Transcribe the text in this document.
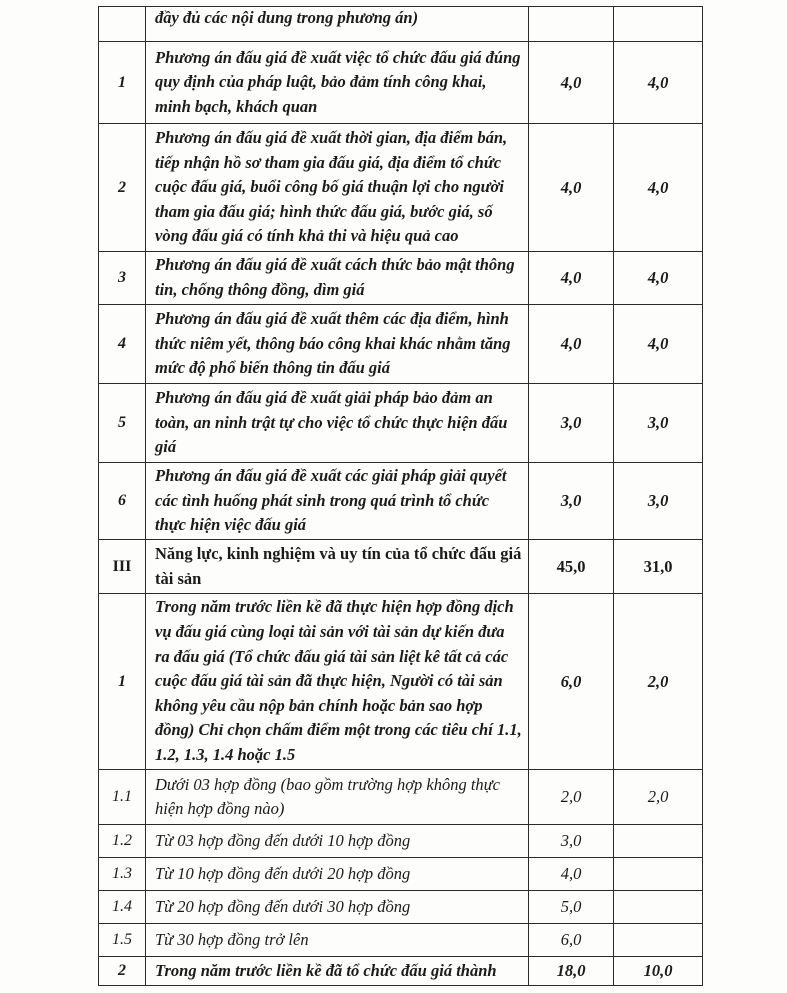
	đầy đủ các nội dung trong phương án)		
1	Phương án đấu giá đề xuất việc tổ chức đấu giá đúng quy định của pháp luật, bảo đảm tính công khai, minh bạch, khách quan	4,0	4,0
2	Phương án đấu giá đề xuất thời gian, địa điểm bán, tiếp nhận hồ sơ tham gia đấu giá, địa điểm tổ chức cuộc đấu giá, buổi công bố giá thuận lợi cho người tham gia đấu giá; hình thức đấu giá, bước giá, số vòng đấu giá có tính khả thi và hiệu quả cao	4,0	4,0
3	Phương án đấu giá đề xuất cách thức bảo mật thông tin, chống thông đồng, dìm giá	4,0	4,0
4	Phương án đấu giá đề xuất thêm các địa điểm, hình thức niêm yết, thông báo công khai khác nhằm tăng mức độ phổ biến thông tin đấu giá	4,0	4,0
5	Phương án đấu giá đề xuất giải pháp bảo đảm an toàn, an ninh trật tự cho việc tổ chức thực hiện đấu giá	3,0	3,0
6	Phương án đấu giá đề xuất các giải pháp giải quyết các tình huống phát sinh trong quá trình tổ chức thực hiện việc đấu giá	3,0	3,0
III	Năng lực, kinh nghiệm và uy tín của tổ chức đấu giá tài sản	45,0	31,0
1	Trong năm trước liền kề đã thực hiện hợp đồng dịch vụ đấu giá cùng loại tài sản với tài sản dự kiến đưa ra đấu giá (Tổ chức đấu giá tài sản liệt kê tất cả các cuộc đấu giá tài sản đã thực hiện, Người có tài sản không yêu cầu nộp bản chính hoặc bản sao hợp đồng) Chỉ chọn chấm điểm một trong các tiêu chí 1.1, 1.2, 1.3, 1.4 hoặc 1.5	6,0	2,0
1.1	Dưới 03 hợp đồng (bao gồm trường hợp không thực hiện hợp đồng nào)	2,0	2,0
1.2	Từ 03 hợp đồng đến dưới 10 hợp đồng	3,0	
1.3	Từ 10 hợp đồng đến dưới 20 hợp đồng	4,0	
1.4	Từ 20 hợp đồng đến dưới 30 hợp đồng	5,0	
1.5	Từ 30 hợp đồng trở lên	6,0	
2	Trong năm trước liền kề đã tổ chức đấu giá thành	18,0	10,0
